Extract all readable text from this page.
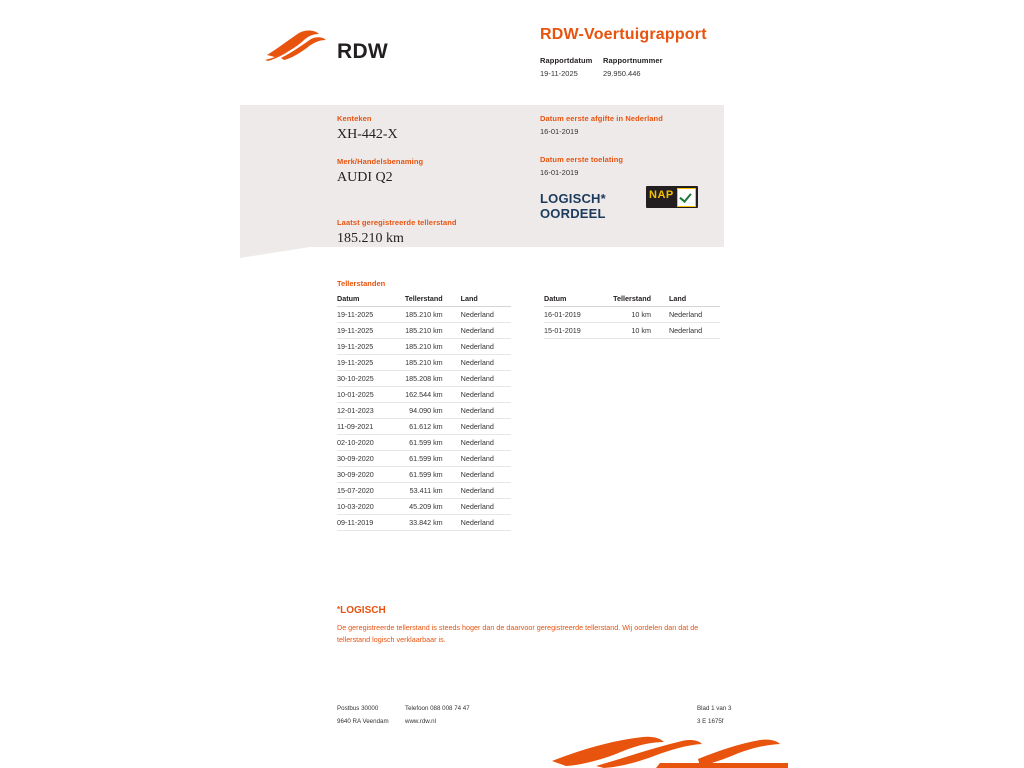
RDW
RDW-Voertuigrapport
Rapportdatum
19-11-2025
Rapportnummer
29.950.446

Kenteken

XH-442-X

Merk/Handelsbenaming

AUDI Q2

Laatst geregistreerde tellerstand

185.210 km

Datum eerste afgifte in Nederland

16-01-2019

Datum eerste toelating

16-01-2019

LOGISCH*
OORDEEL
NAP
Tellerstanden
Datum	Tellerstand	Land
19-11-2025	185.210 km	Nederland
19-11-2025	185.210 km	Nederland
19-11-2025	185.210 km	Nederland
19-11-2025	185.210 km	Nederland
30-10-2025	185.208 km	Nederland
10-01-2025	162.544 km	Nederland
12-01-2023	94.090 km	Nederland
11-09-2021	61.612 km	Nederland
02-10-2020	61.599 km	Nederland
30-09-2020	61.599 km	Nederland
30-09-2020	61.599 km	Nederland
15-07-2020	53.411 km	Nederland
10-03-2020	45.209 km	Nederland
09-11-2019	33.842 km	Nederland
Datum	Tellerstand	Land
16-01-2019	10 km	Nederland
15-01-2019	10 km	Nederland
*LOGISCH
De geregistreerde tellerstand is steeds hoger dan de daarvoor geregistreerde tellerstand. Wij oordelen dan dat de tellerstand logisch verklaarbaar is.
Postbus 30000
9640 RA Veendam
Telefoon 088 008 74 47
www.rdw.nl
Blad 1 van 3
3 E 1675f
